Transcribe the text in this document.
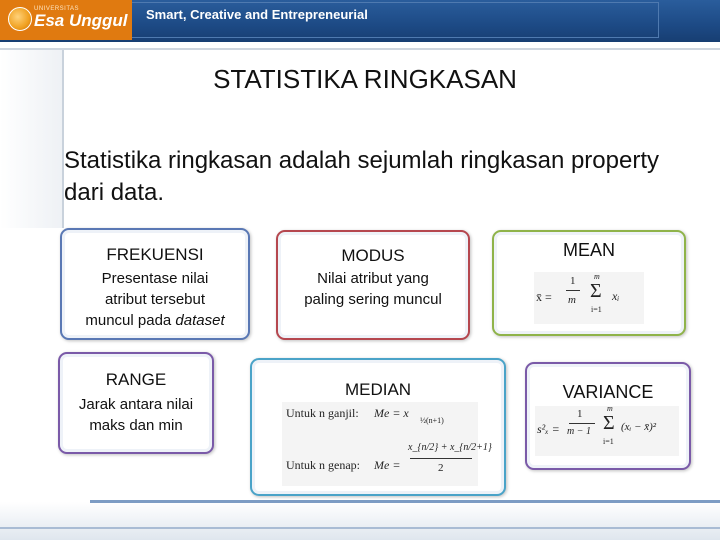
UNIVERSITAS
Esa Unggul Smart, Creative and Entrepreneurial
STATISTIKA RINGKASAN
Statistika ringkasan adalah sejumlah ringkasan property dari data.
FREKUENSI
Presentase nilai
atribut tersebut
muncul pada dataset
MODUS
Nilai atribut yang
paling sering muncul
MEAN
x̄ =
1
m
m
Σ
i=1
xᵢ
RANGE
Jarak antara nilai
maks dan min
MEDIAN
Untuk n ganjil: Me = x
½(n+1)
Untuk n genap: Me =
x_{n/2} + x_{n/2+1}
2
VARIANCE
s²ₓ =
1
m − 1
m
Σ
i=1
(xᵢ − x̄)²
